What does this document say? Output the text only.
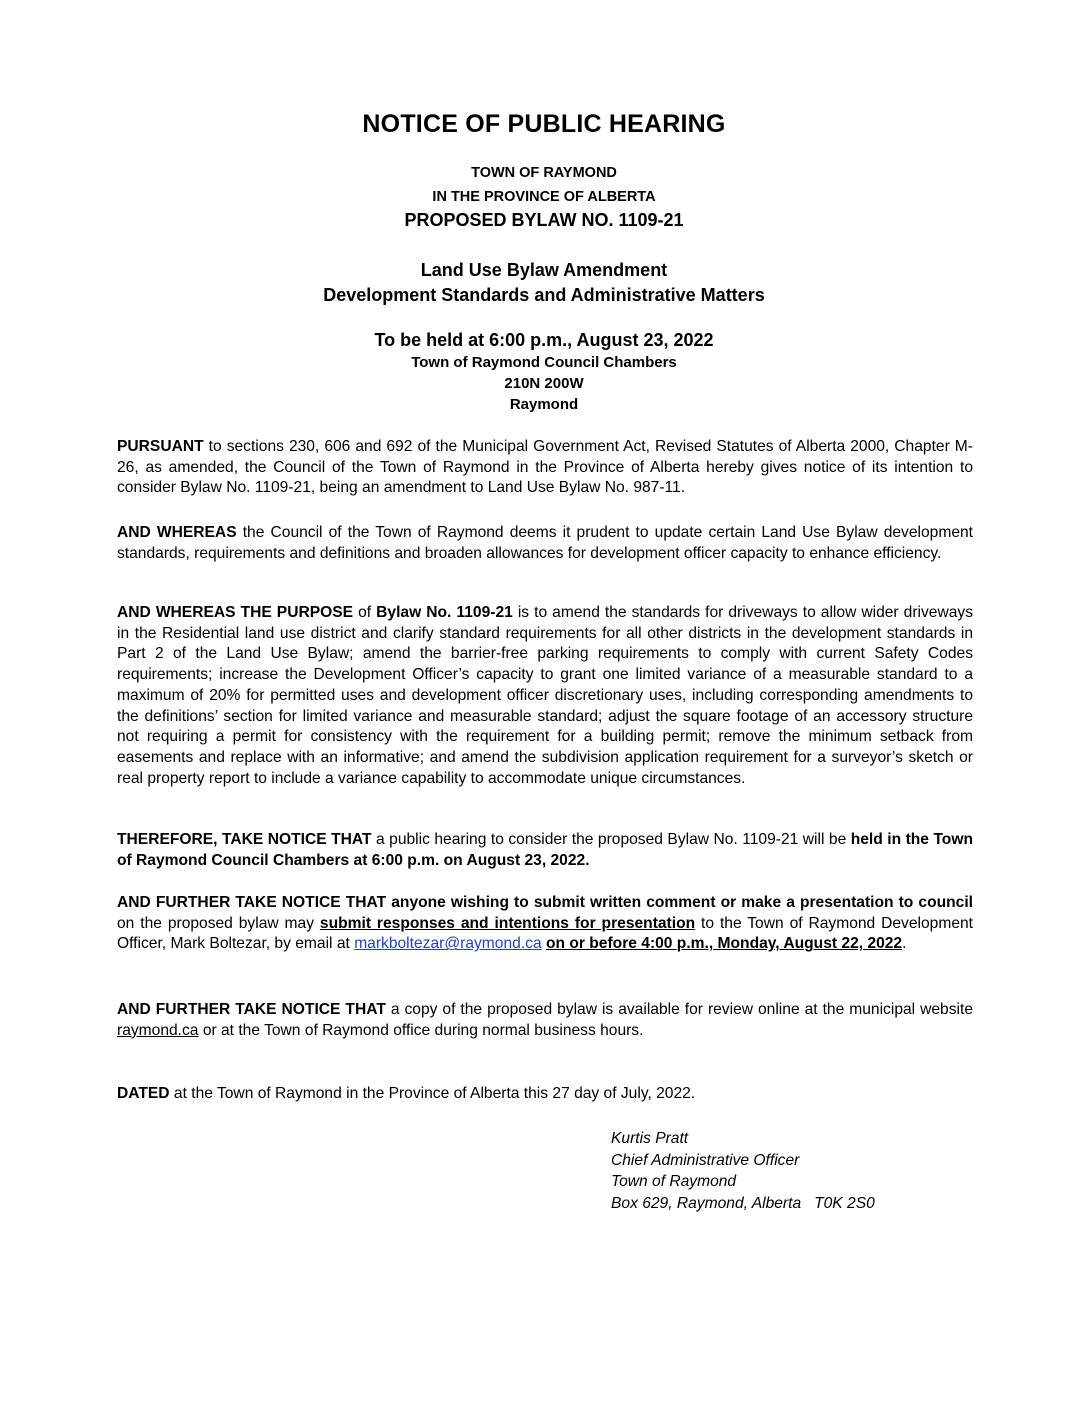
NOTICE OF PUBLIC HEARING
TOWN OF RAYMOND
IN THE PROVINCE OF ALBERTA
PROPOSED BYLAW NO. 1109-21
Land Use Bylaw Amendment
Development Standards and Administrative Matters
To be held at 6:00 p.m., August 23, 2022
Town of Raymond Council Chambers
210N 200W
Raymond

PURSUANT to sections 230, 606 and 692 of the Municipal Government Act, Revised Statutes of Alberta 2000, Chapter M-26, as amended, the Council of the Town of Raymond in the Province of Alberta hereby gives notice of its intention to consider Bylaw No. 1109-21, being an amendment to Land Use Bylaw No. 987-11.

AND WHEREAS the Council of the Town of Raymond deems it prudent to update certain Land Use Bylaw development standards, requirements and definitions and broaden allowances for development officer capacity to enhance efficiency.

AND WHEREAS THE PURPOSE of Bylaw No. 1109-21 is to amend the standards for driveways to allow wider driveways in the Residential land use district and clarify standard requirements for all other districts in the development standards in Part 2 of the Land Use Bylaw; amend the barrier-free parking requirements to comply with current Safety Codes requirements; increase the Development Officer’s capacity to grant one limited variance of a measurable standard to a maximum of 20% for permitted uses and development officer discretionary uses, including corresponding amendments to the definitions’ section for limited variance and measurable standard; adjust the square footage of an accessory structure not requiring a permit for consistency with the requirement for a building permit; remove the minimum setback from easements and replace with an informative; and amend the subdivision application requirement for a surveyor’s sketch or real property report to include a variance capability to accommodate unique circumstances.

THEREFORE, TAKE NOTICE THAT a public hearing to consider the proposed Bylaw No. 1109-21 will be held in the Town of Raymond Council Chambers at 6:00 p.m. on August 23, 2022.

AND FURTHER TAKE NOTICE THAT anyone wishing to submit written comment or make a presentation to council on the proposed bylaw may submit responses and intentions for presentation to the Town of Raymond Development Officer, Mark Boltezar, by email at markboltezar@raymond.ca on or before 4:00 p.m., Monday, August 22, 2022.

AND FURTHER TAKE NOTICE THAT a copy of the proposed bylaw is available for review online at the municipal website raymond.ca or at the Town of Raymond office during normal business hours.

DATED at the Town of Raymond in the Province of Alberta this 27 day of July, 2022.
Kurtis Pratt
Chief Administrative Officer
Town of Raymond
Box 629, Raymond, Alberta   T0K 2S0
